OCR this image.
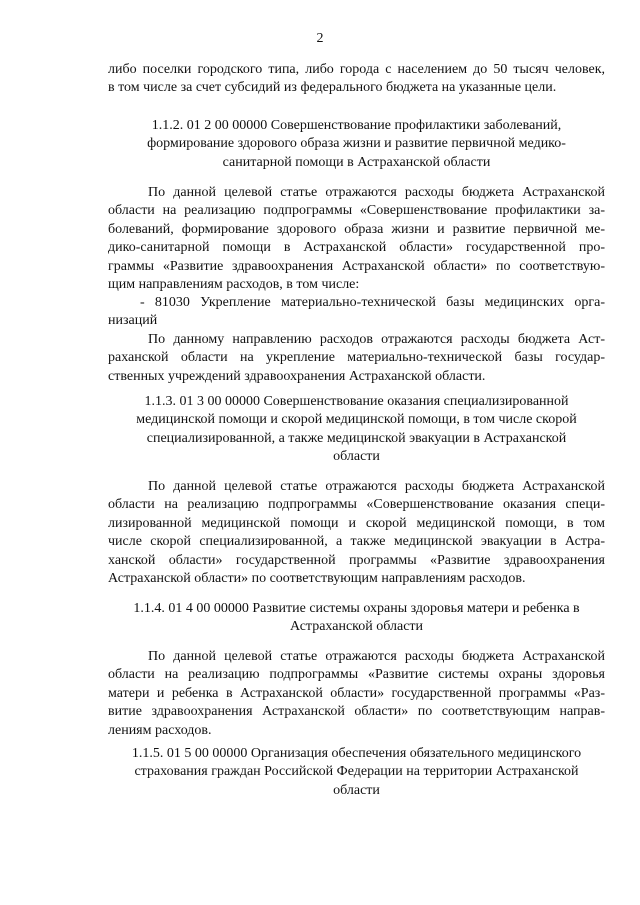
2
либо поселки городского типа, либо города с населением до 50 тысяч человек,
в том числе за счет субсидий из федерального бюджета на указанные цели.
1.1.2. 01 2 00 00000 Совершенствование профилактики заболеваний,
формирование здорового образа жизни и развитие первичной медико-
санитарной помощи в Астраханской области
По данной целевой статье отражаются расходы бюджета Астраханской
области на реализацию подпрограммы «Совершенствование профилактики за-
болеваний, формирование здорового образа жизни и развитие первичной ме-
дико-санитарной помощи в Астраханской области» государственной про-
граммы «Развитие здравоохранения Астраханской области» по соответствую-
щим направлениям расходов, в том числе:
- 81030 Укрепление материально-технической базы медицинских орга-
низаций
По данному направлению расходов отражаются расходы бюджета Аст-
раханской области на укрепление материально-технической базы государ-
ственных учреждений здравоохранения Астраханской области.
1.1.3. 01 3 00 00000 Совершенствование оказания специализированной
медицинской помощи и скорой медицинской помощи, в том числе скорой
специализированной, а также медицинской эвакуации в Астраханской
области
По данной целевой статье отражаются расходы бюджета Астраханской
области на реализацию подпрограммы «Совершенствование оказания специ-
лизированной медицинской помощи и скорой медицинской помощи, в том
числе скорой специализированной, а также медицинской эвакуации в Астра-
ханской области» государственной программы «Развитие здравоохранения
Астраханской области» по соответствующим направлениям расходов.
1.1.4. 01 4 00 00000 Развитие системы охраны здоровья матери и ребенка в
Астраханской области
По данной целевой статье отражаются расходы бюджета Астраханской
области на реализацию подпрограммы «Развитие системы охраны здоровья
матери и ребенка в Астраханской области» государственной программы «Раз-
витие здравоохранения Астраханской области» по соответствующим направ-
лениям расходов.
1.1.5. 01 5 00 00000 Организация обеспечения обязательного медицинского
страхования граждан Российской Федерации на территории Астраханской
области
